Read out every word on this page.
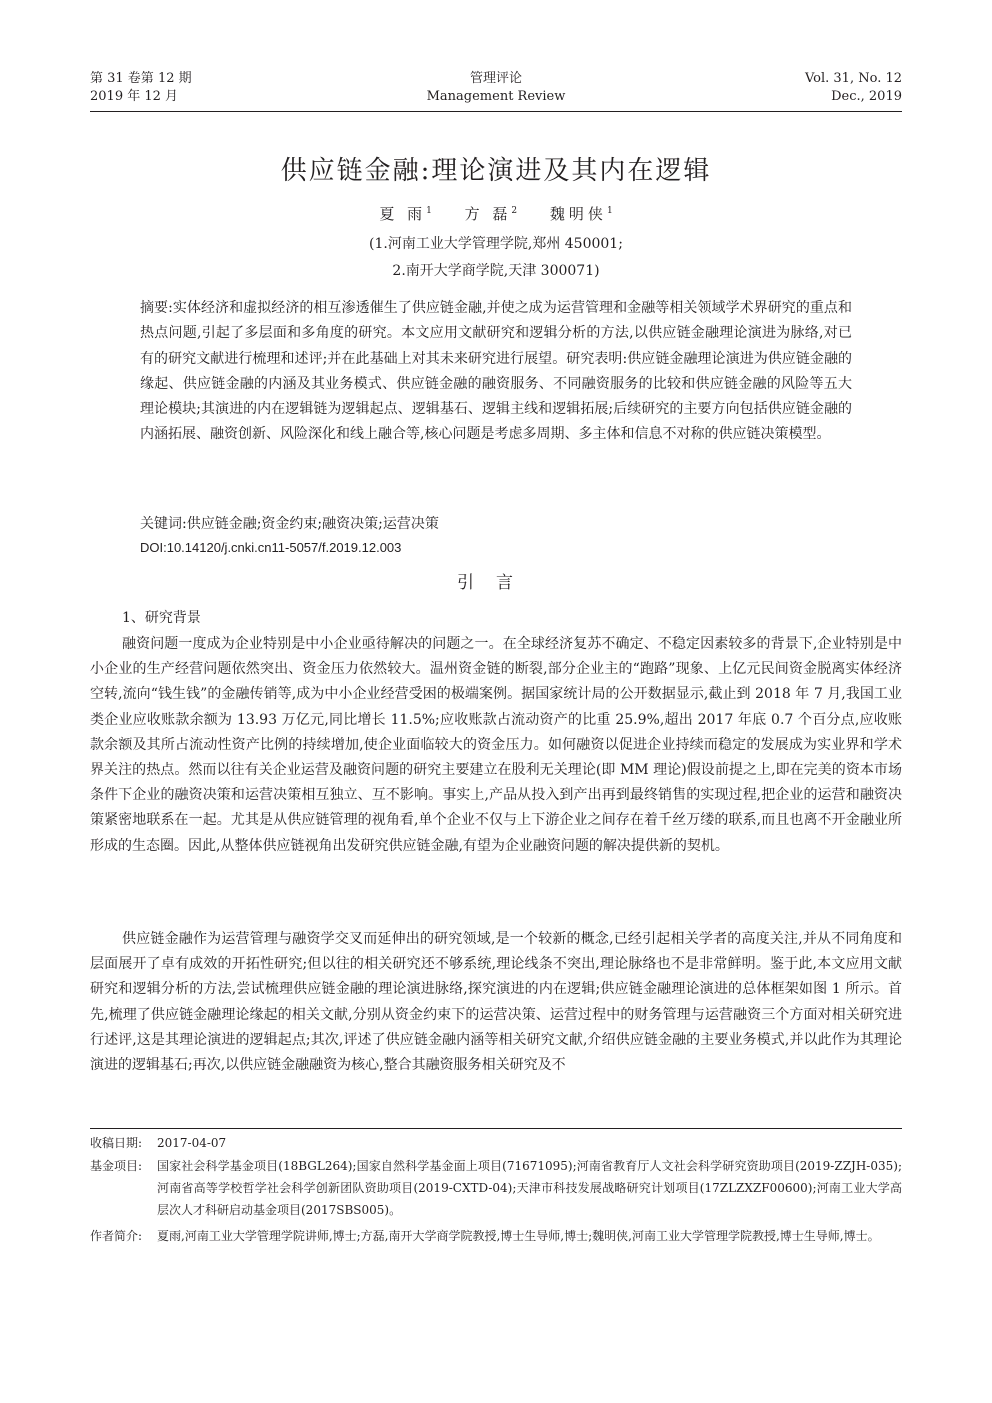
第 31 卷第 12 期
2019 年 12 月
管理评论
Management Review
Vol. 31, No. 12
Dec., 2019
供应链金融:理论演进及其内在逻辑
夏 雨$^1$ 方 磊$^2$ 魏明侠$^1$
(1.河南工业大学管理学院,郑州 450001;
2.南开大学商学院,天津 300071)
摘要:实体经济和虚拟经济的相互渗透催生了供应链金融,并使之成为运营管理和金融等相关领域学术界研究的重点和热点问题,引起了多层面和多角度的研究。本文应用文献研究和逻辑分析的方法,以供应链金融理论演进为脉络,对已有的研究文献进行梳理和述评;并在此基础上对其未来研究进行展望。研究表明:供应链金融理论演进为供应链金融的缘起、供应链金融的内涵及其业务模式、供应链金融的融资服务、不同融资服务的比较和供应链金融的风险等五大理论模块;其演进的内在逻辑链为逻辑起点、逻辑基石、逻辑主线和逻辑拓展;后续研究的主要方向包括供应链金融的内涵拓展、融资创新、风险深化和线上融合等,核心问题是考虑多周期、多主体和信息不对称的供应链决策模型。
关键词:供应链金融;资金约束;融资决策;运营决策
DOI:10.14120/j.cnki.cn11-5057/f.2019.12.003
引言
1、研究背景

融资问题一度成为企业特别是中小企业亟待解决的问题之一。在全球经济复苏不确定、不稳定因素较多的背景下,企业特别是中小企业的生产经营问题依然突出、资金压力依然较大。温州资金链的断裂,部分企业主的“跑路”现象、上亿元民间资金脱离实体经济空转,流向“钱生钱”的金融传销等,成为中小企业经营受困的极端案例。据国家统计局的公开数据显示,截止到 2018 年 7 月,我国工业类企业应收账款余额为 13.93 万亿元,同比增长 11.5%;应收账款占流动资产的比重 25.9%,超出 2017 年底 0.7 个百分点,应收账款余额及其所占流动性资产比例的持续增加,使企业面临较大的资金压力。如何融资以促进企业持续而稳定的发展成为实业界和学术界关注的热点。然而以往有关企业运营及融资问题的研究主要建立在股利无关理论(即 MM 理论)假设前提之上,即在完美的资本市场条件下企业的融资决策和运营决策相互独立、互不影响。事实上,产品从投入到产出再到最终销售的实现过程,把企业的运营和融资决策紧密地联系在一起。尤其是从供应链管理的视角看,单个企业不仅与上下游企业之间存在着千丝万缕的联系,而且也离不开金融业所形成的生态圈。因此,从整体供应链视角出发研究供应链金融,有望为企业融资问题的解决提供新的契机。

供应链金融作为运营管理与融资学交叉而延伸出的研究领域,是一个较新的概念,已经引起相关学者的高度关注,并从不同角度和层面展开了卓有成效的开拓性研究;但以往的相关研究还不够系统,理论线条不突出,理论脉络也不是非常鲜明。鉴于此,本文应用文献研究和逻辑分析的方法,尝试梳理供应链金融的理论演进脉络,探究演进的内在逻辑;供应链金融理论演进的总体框架如图 1 所示。首先,梳理了供应链金融理论缘起的相关文献,分别从资金约束下的运营决策、运营过程中的财务管理与运营融资三个方面对相关研究进行述评,这是其理论演进的逻辑起点;其次,评述了供应链金融内涵等相关研究文献,介绍供应链金融的主要业务模式,并以此作为其理论演进的逻辑基石;再次,以供应链金融融资为核心,整合其融资服务相关研究及不

收稿日期: 2017-04-07
基金项目: 国家社会科学基金项目(18BGL264);国家自然科学基金面上项目(71671095);河南省教育厅人文社会科学研究资助项目(2019-ZZJH-035);河南省高等学校哲学社会科学创新团队资助项目(2019-CXTD-04);天津市科技发展战略研究计划项目(17ZLZXZF00600);河南工业大学高层次人才科研启动基金项目(2017SBS005)。
作者简介: 夏雨,河南工业大学管理学院讲师,博士;方磊,南开大学商学院教授,博士生导师,博士;魏明侠,河南工业大学管理学院教授,博士生导师,博士。
